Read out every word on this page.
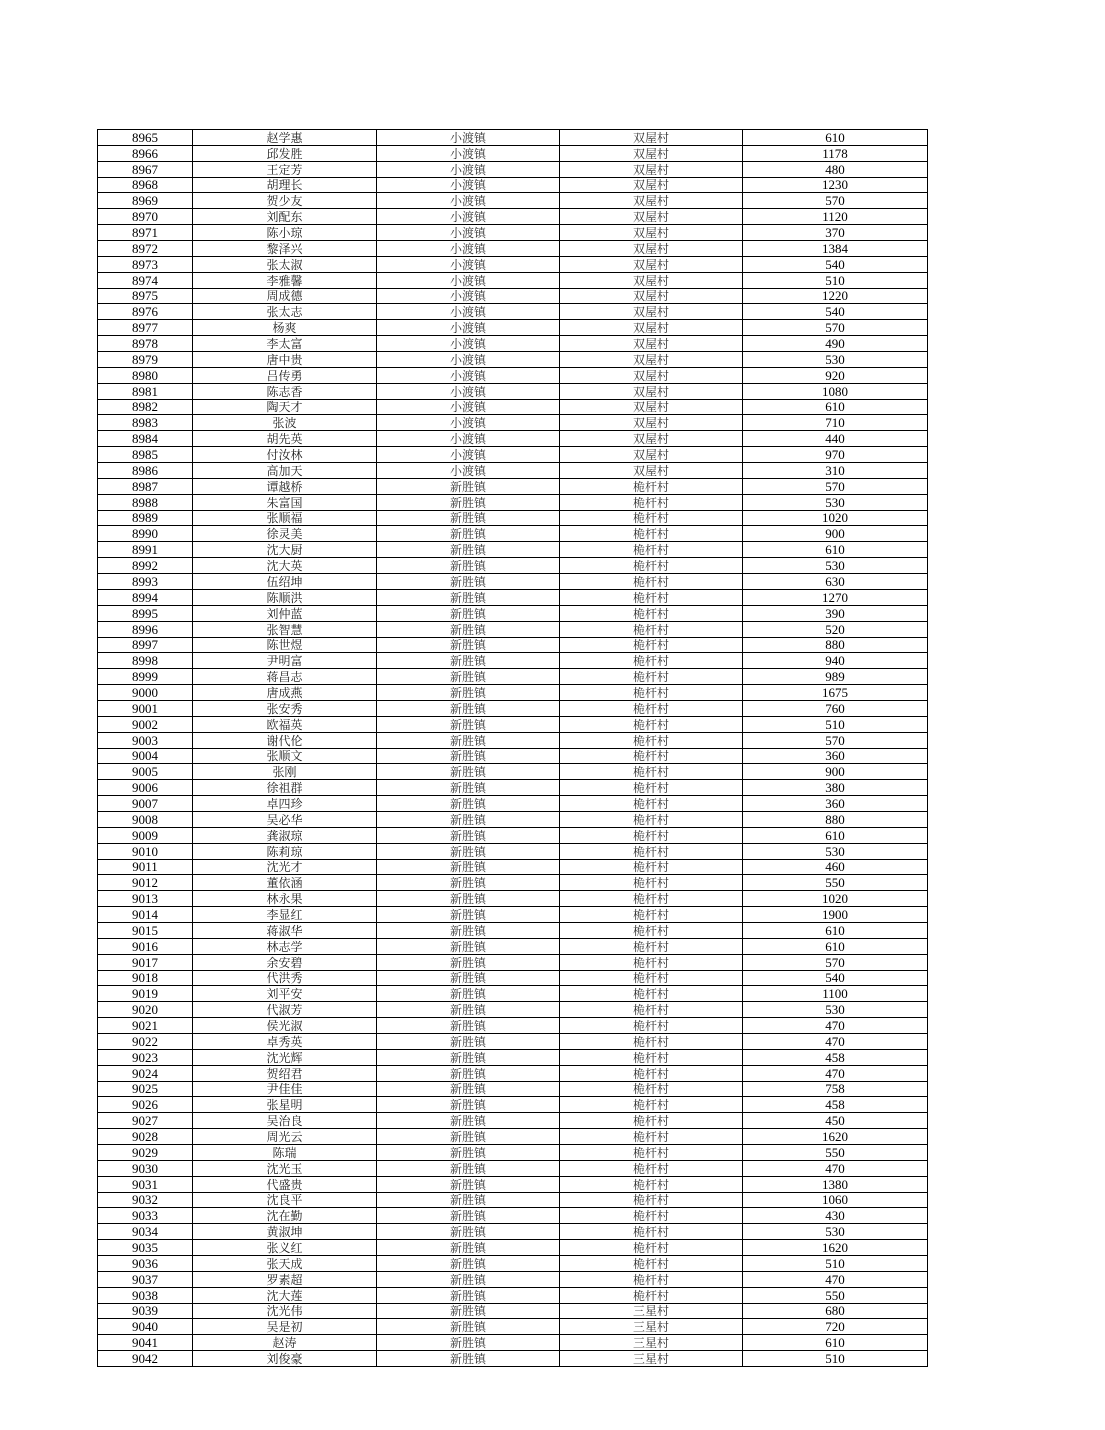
8965	赵学惠	小渡镇	双屋村	610
8966	邱发胜	小渡镇	双屋村	1178
8967	王定芳	小渡镇	双屋村	480
8968	胡理长	小渡镇	双屋村	1230
8969	贺少友	小渡镇	双屋村	570
8970	刘配东	小渡镇	双屋村	1120
8971	陈小琼	小渡镇	双屋村	370
8972	黎泽兴	小渡镇	双屋村	1384
8973	张太淑	小渡镇	双屋村	540
8974	李雅馨	小渡镇	双屋村	510
8975	周成德	小渡镇	双屋村	1220
8976	张太志	小渡镇	双屋村	540
8977	杨爽	小渡镇	双屋村	570
8978	李太富	小渡镇	双屋村	490
8979	唐中贵	小渡镇	双屋村	530
8980	吕传勇	小渡镇	双屋村	920
8981	陈志香	小渡镇	双屋村	1080
8982	陶天才	小渡镇	双屋村	610
8983	张波	小渡镇	双屋村	710
8984	胡先英	小渡镇	双屋村	440
8985	付汝林	小渡镇	双屋村	970
8986	高加天	小渡镇	双屋村	310
8987	谭越桥	新胜镇	桅杆村	570
8988	朱富国	新胜镇	桅杆村	530
8989	张顺福	新胜镇	桅杆村	1020
8990	徐灵美	新胜镇	桅杆村	900
8991	沈大厨	新胜镇	桅杆村	610
8992	沈大英	新胜镇	桅杆村	530
8993	伍绍坤	新胜镇	桅杆村	630
8994	陈顺洪	新胜镇	桅杆村	1270
8995	刘仲蓝	新胜镇	桅杆村	390
8996	张智慧	新胜镇	桅杆村	520
8997	陈世煜	新胜镇	桅杆村	880
8998	尹明富	新胜镇	桅杆村	940
8999	蒋昌志	新胜镇	桅杆村	989
9000	唐成燕	新胜镇	桅杆村	1675
9001	张安秀	新胜镇	桅杆村	760
9002	欧福英	新胜镇	桅杆村	510
9003	谢代伦	新胜镇	桅杆村	570
9004	张顺文	新胜镇	桅杆村	360
9005	张刚	新胜镇	桅杆村	900
9006	徐祖群	新胜镇	桅杆村	380
9007	卓四珍	新胜镇	桅杆村	360
9008	吴必华	新胜镇	桅杆村	880
9009	龚淑琼	新胜镇	桅杆村	610
9010	陈莉琼	新胜镇	桅杆村	530
9011	沈光才	新胜镇	桅杆村	460
9012	董依涵	新胜镇	桅杆村	550
9013	林永果	新胜镇	桅杆村	1020
9014	李显红	新胜镇	桅杆村	1900
9015	蒋淑华	新胜镇	桅杆村	610
9016	林志学	新胜镇	桅杆村	610
9017	余安碧	新胜镇	桅杆村	570
9018	代洪秀	新胜镇	桅杆村	540
9019	刘平安	新胜镇	桅杆村	1100
9020	代淑芳	新胜镇	桅杆村	530
9021	侯光淑	新胜镇	桅杆村	470
9022	卓秀英	新胜镇	桅杆村	470
9023	沈光辉	新胜镇	桅杆村	458
9024	贺绍君	新胜镇	桅杆村	470
9025	尹佳佳	新胜镇	桅杆村	758
9026	张星明	新胜镇	桅杆村	458
9027	吴治良	新胜镇	桅杆村	450
9028	周光云	新胜镇	桅杆村	1620
9029	陈瑞	新胜镇	桅杆村	550
9030	沈光玉	新胜镇	桅杆村	470
9031	代盛贵	新胜镇	桅杆村	1380
9032	沈良平	新胜镇	桅杆村	1060
9033	沈在勤	新胜镇	桅杆村	430
9034	黄淑坤	新胜镇	桅杆村	530
9035	张义红	新胜镇	桅杆村	1620
9036	张天成	新胜镇	桅杆村	510
9037	罗素超	新胜镇	桅杆村	470
9038	沈大莲	新胜镇	桅杆村	550
9039	沈光伟	新胜镇	三星村	680
9040	吴是初	新胜镇	三星村	720
9041	赵涛	新胜镇	三星村	610
9042	刘俊豪	新胜镇	三星村	510
